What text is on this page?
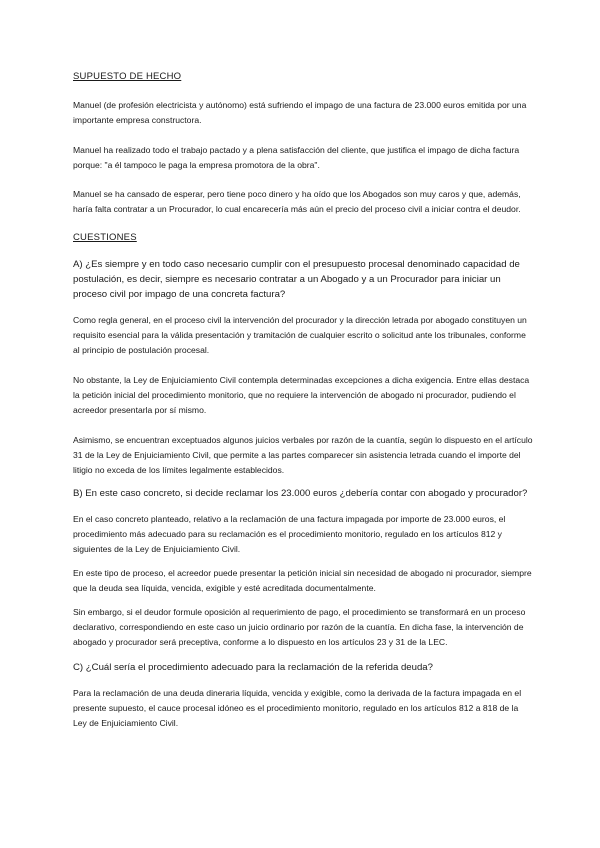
SUPUESTO DE HECHO

Manuel (de profesión electricista y autónomo) está sufriendo el impago de una factura de 23.000 euros emitida por una importante empresa constructora.

Manuel ha realizado todo el trabajo pactado y a plena satisfacción del cliente, que justifica el impago de dicha factura porque: "a él tampoco le paga la empresa promotora de la obra".

Manuel se ha cansado de esperar, pero tiene poco dinero y ha oído que los Abogados son muy caros y que, además, haría falta contratar a un Procurador, lo cual encarecería más aún el precio del proceso civil a iniciar contra el deudor.

CUESTIONES

A) ¿Es siempre y en todo caso necesario cumplir con el presupuesto procesal denominado capacidad de postulación, es decir, siempre es necesario contratar a un Abogado y a un Procurador para iniciar un proceso civil por impago de una concreta factura?

Como regla general, en el proceso civil la intervención del procurador y la dirección letrada por abogado constituyen un requisito esencial para la válida presentación y tramitación de cualquier escrito o solicitud ante los tribunales, conforme al principio de postulación procesal.

No obstante, la Ley de Enjuiciamiento Civil contempla determinadas excepciones a dicha exigencia. Entre ellas destaca la petición inicial del procedimiento monitorio, que no requiere la intervención de abogado ni procurador, pudiendo el acreedor presentarla por sí mismo.

Asimismo, se encuentran exceptuados algunos juicios verbales por razón de la cuantía, según lo dispuesto en el artículo 31 de la Ley de Enjuiciamiento Civil, que permite a las partes comparecer sin asistencia letrada cuando el importe del litigio no exceda de los límites legalmente establecidos.

B) En este caso concreto, si decide reclamar los 23.000 euros ¿debería contar con abogado y procurador?

En el caso concreto planteado, relativo a la reclamación de una factura impagada por importe de 23.000 euros, el procedimiento más adecuado para su reclamación es el procedimiento monitorio, regulado en los artículos 812 y siguientes de la Ley de Enjuiciamiento Civil.

En este tipo de proceso, el acreedor puede presentar la petición inicial sin necesidad de abogado ni procurador, siempre que la deuda sea líquida, vencida, exigible y esté acreditada documentalmente.

Sin embargo, si el deudor formule oposición al requerimiento de pago, el procedimiento se transformará en un proceso declarativo, correspondiendo en este caso un juicio ordinario por razón de la cuantía. En dicha fase, la intervención de abogado y procurador será preceptiva, conforme a lo dispuesto en los artículos 23 y 31 de la LEC.

C) ¿Cuál sería el procedimiento adecuado para la reclamación de la referida deuda?

Para la reclamación de una deuda dineraria líquida, vencida y exigible, como la derivada de la factura impagada en el presente supuesto, el cauce procesal idóneo es el procedimiento monitorio, regulado en los artículos 812 a 818 de la Ley de Enjuiciamiento Civil.
